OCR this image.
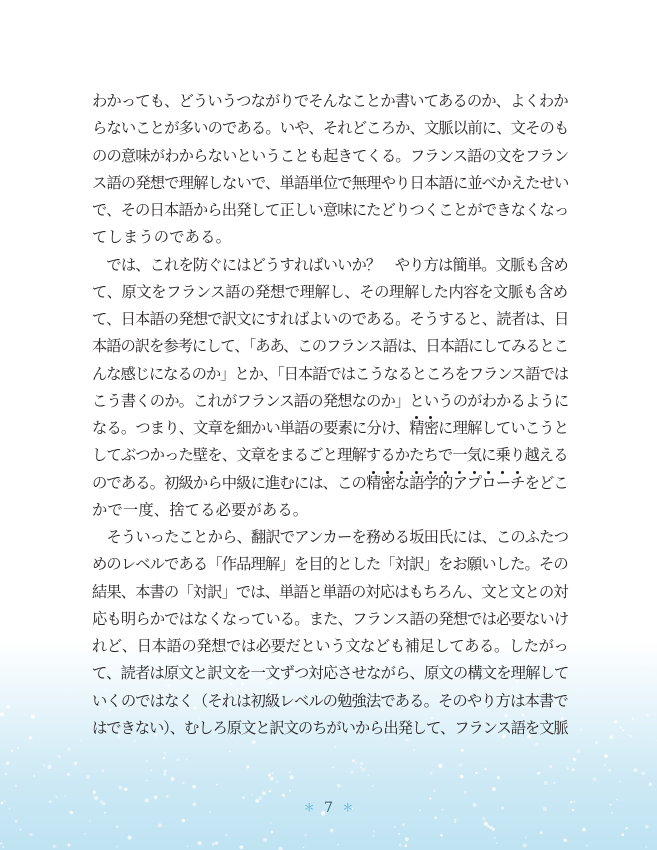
わかっても、どういうつながりでそんなことか書いてあるのか、よくわか
らないことが多いのである。いや、それどころか、文脈以前に、文そのも
のの意味がわからないということも起きてくる。フランス語の文をフラン
ス語の発想で理解しないで、単語単位で無理やり日本語に並べかえたせい
で、その日本語から出発して正しい意味にたどりつくことができなくなっ
てしまうのである。
　では、これを防ぐにはどうすればいいか？　やり方は簡単。文脈も含め
て、原文をフランス語の発想で理解し、その理解した内容を文脈も含め
て、日本語の発想で訳文にすればよいのである。そうすると、読者は、日
本語の訳を参考にして、「ああ、このフランス語は、日本語にしてみるとこ
んな感じになるのか」とか、「日本語ではこうなるところをフランス語では
こう書くのか。これがフランス語の発想なのか」というのがわかるように
なる。つまり、文章を細かい単語の要素に分け、精密に理解していこうと
してぶつかった壁を、文章をまるごと理解するかたちで一気に乗り越える
のである。初級から中級に進むには、この精密な語学的アプローチをどこ
かで一度、捨てる必要がある。
　そういったことから、翻訳でアンカーを務める坂田氏には、このふたつ
めのレベルである「作品理解」を目的とした「対訳」をお願いした。その
結果、本書の「対訳」では、単語と単語の対応はもちろん、文と文との対
応も明らかではなくなっている。また、フランス語の発想では必要ないけ
れど、日本語の発想では必要だという文なども補足してある。したがっ
て、読者は原文と訳文を一文ずつ対応させながら、原文の構文を理解して
いくのではなく（それは初級レベルの勉強法である。そのやり方は本書で
はできない）、むしろ原文と訳文のちがいから出発して、フランス語を文脈
＊ 7 ＊
